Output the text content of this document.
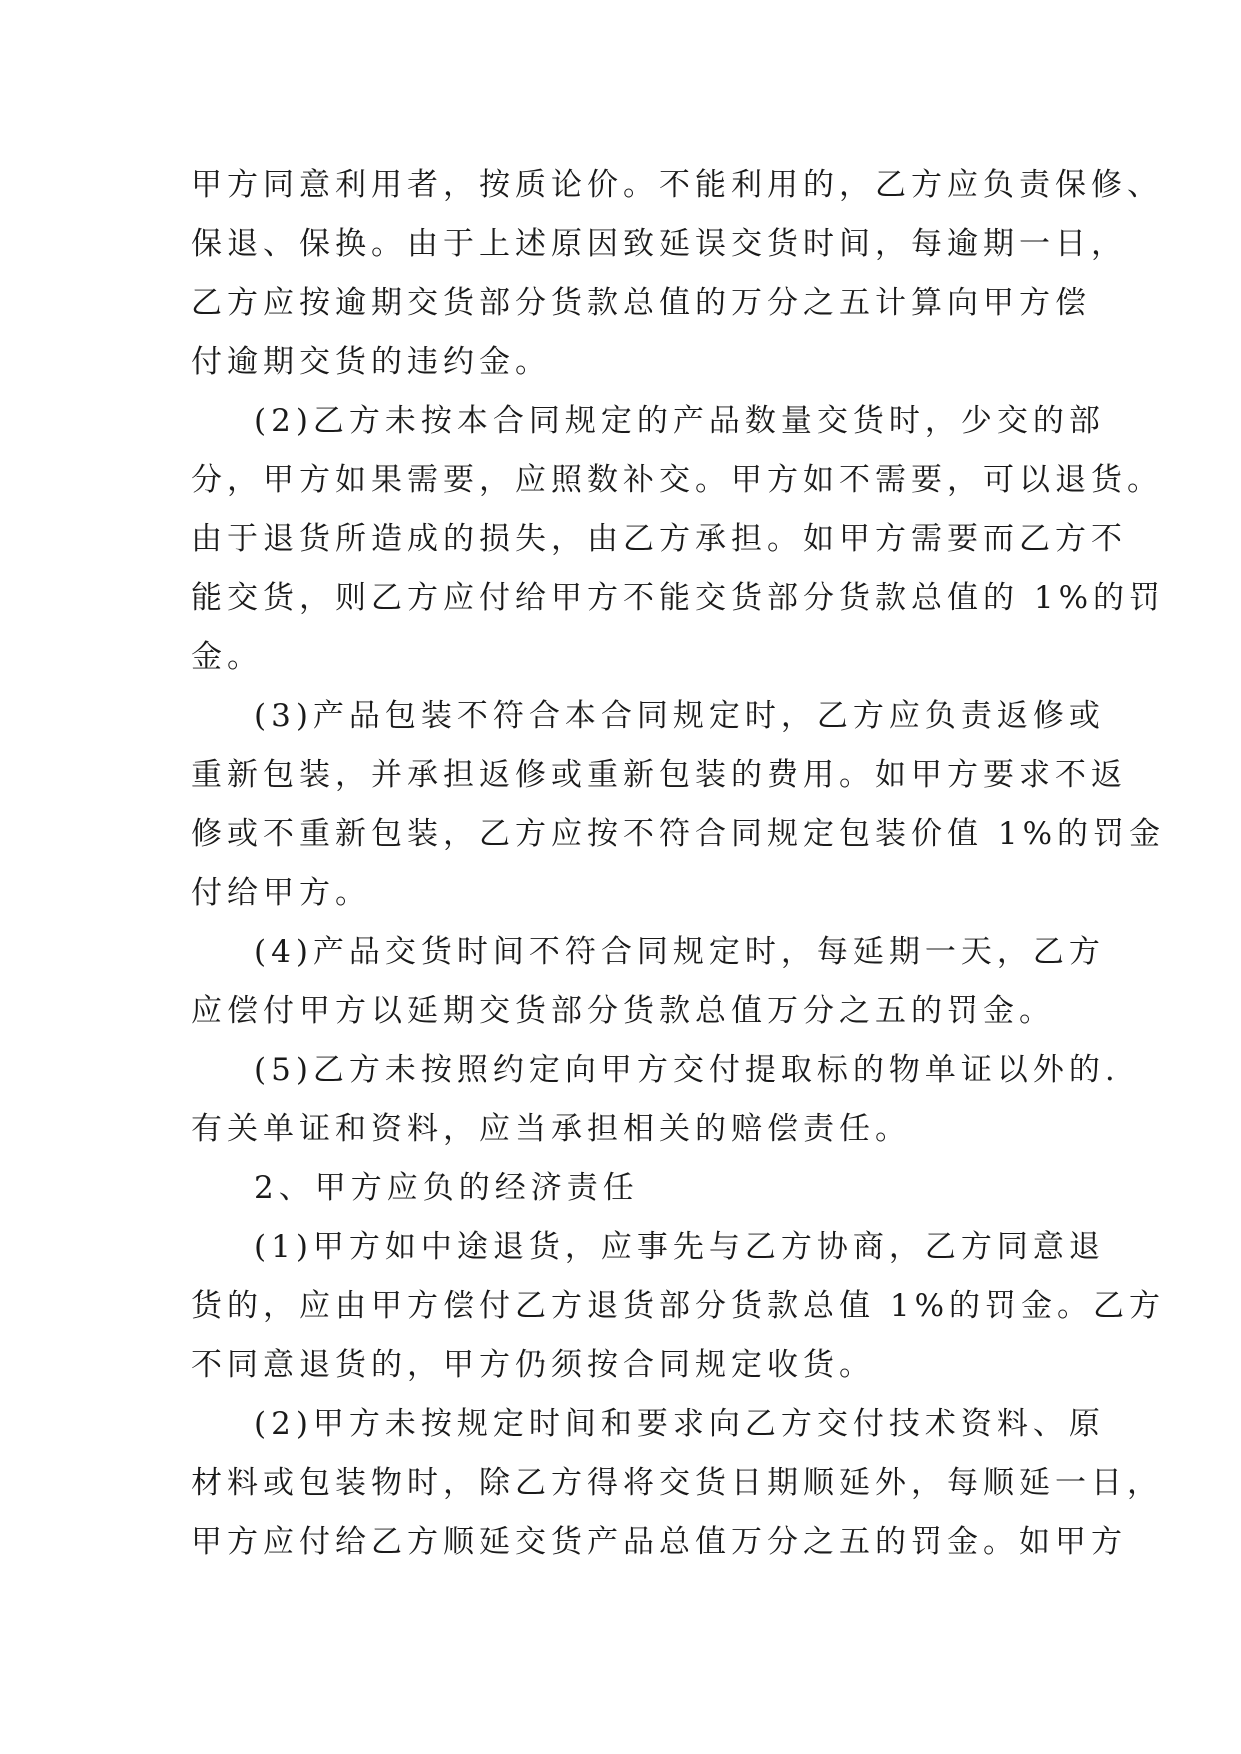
甲方同意利用者，按质论价。不能利用的，乙方应负责保修、
保退、保换。由于上述原因致延误交货时间，每逾期一日，
乙方应按逾期交货部分货款总值的万分之五计算向甲方偿
付逾期交货的违约金。
(2)乙方未按本合同规定的产品数量交货时，少交的部
分，甲方如果需要，应照数补交。甲方如不需要，可以退货。
由于退货所造成的损失，由乙方承担。如甲方需要而乙方不
能交货，则乙方应付给甲方不能交货部分货款总值的 1%的罚
金。
(3)产品包装不符合本合同规定时，乙方应负责返修或
重新包装，并承担返修或重新包装的费用。如甲方要求不返
修或不重新包装，乙方应按不符合同规定包装价值 1%的罚金
付给甲方。
(4)产品交货时间不符合同规定时，每延期一天，乙方
应偿付甲方以延期交货部分货款总值万分之五的罚金。
(5)乙方未按照约定向甲方交付提取标的物单证以外的.
有关单证和资料，应当承担相关的赔偿责任。
2、甲方应负的经济责任
(1)甲方如中途退货，应事先与乙方协商，乙方同意退
货的，应由甲方偿付乙方退货部分货款总值 1%的罚金。乙方
不同意退货的，甲方仍须按合同规定收货。
(2)甲方未按规定时间和要求向乙方交付技术资料、原
材料或包装物时，除乙方得将交货日期顺延外，每顺延一日，
甲方应付给乙方顺延交货产品总值万分之五的罚金。如甲方
